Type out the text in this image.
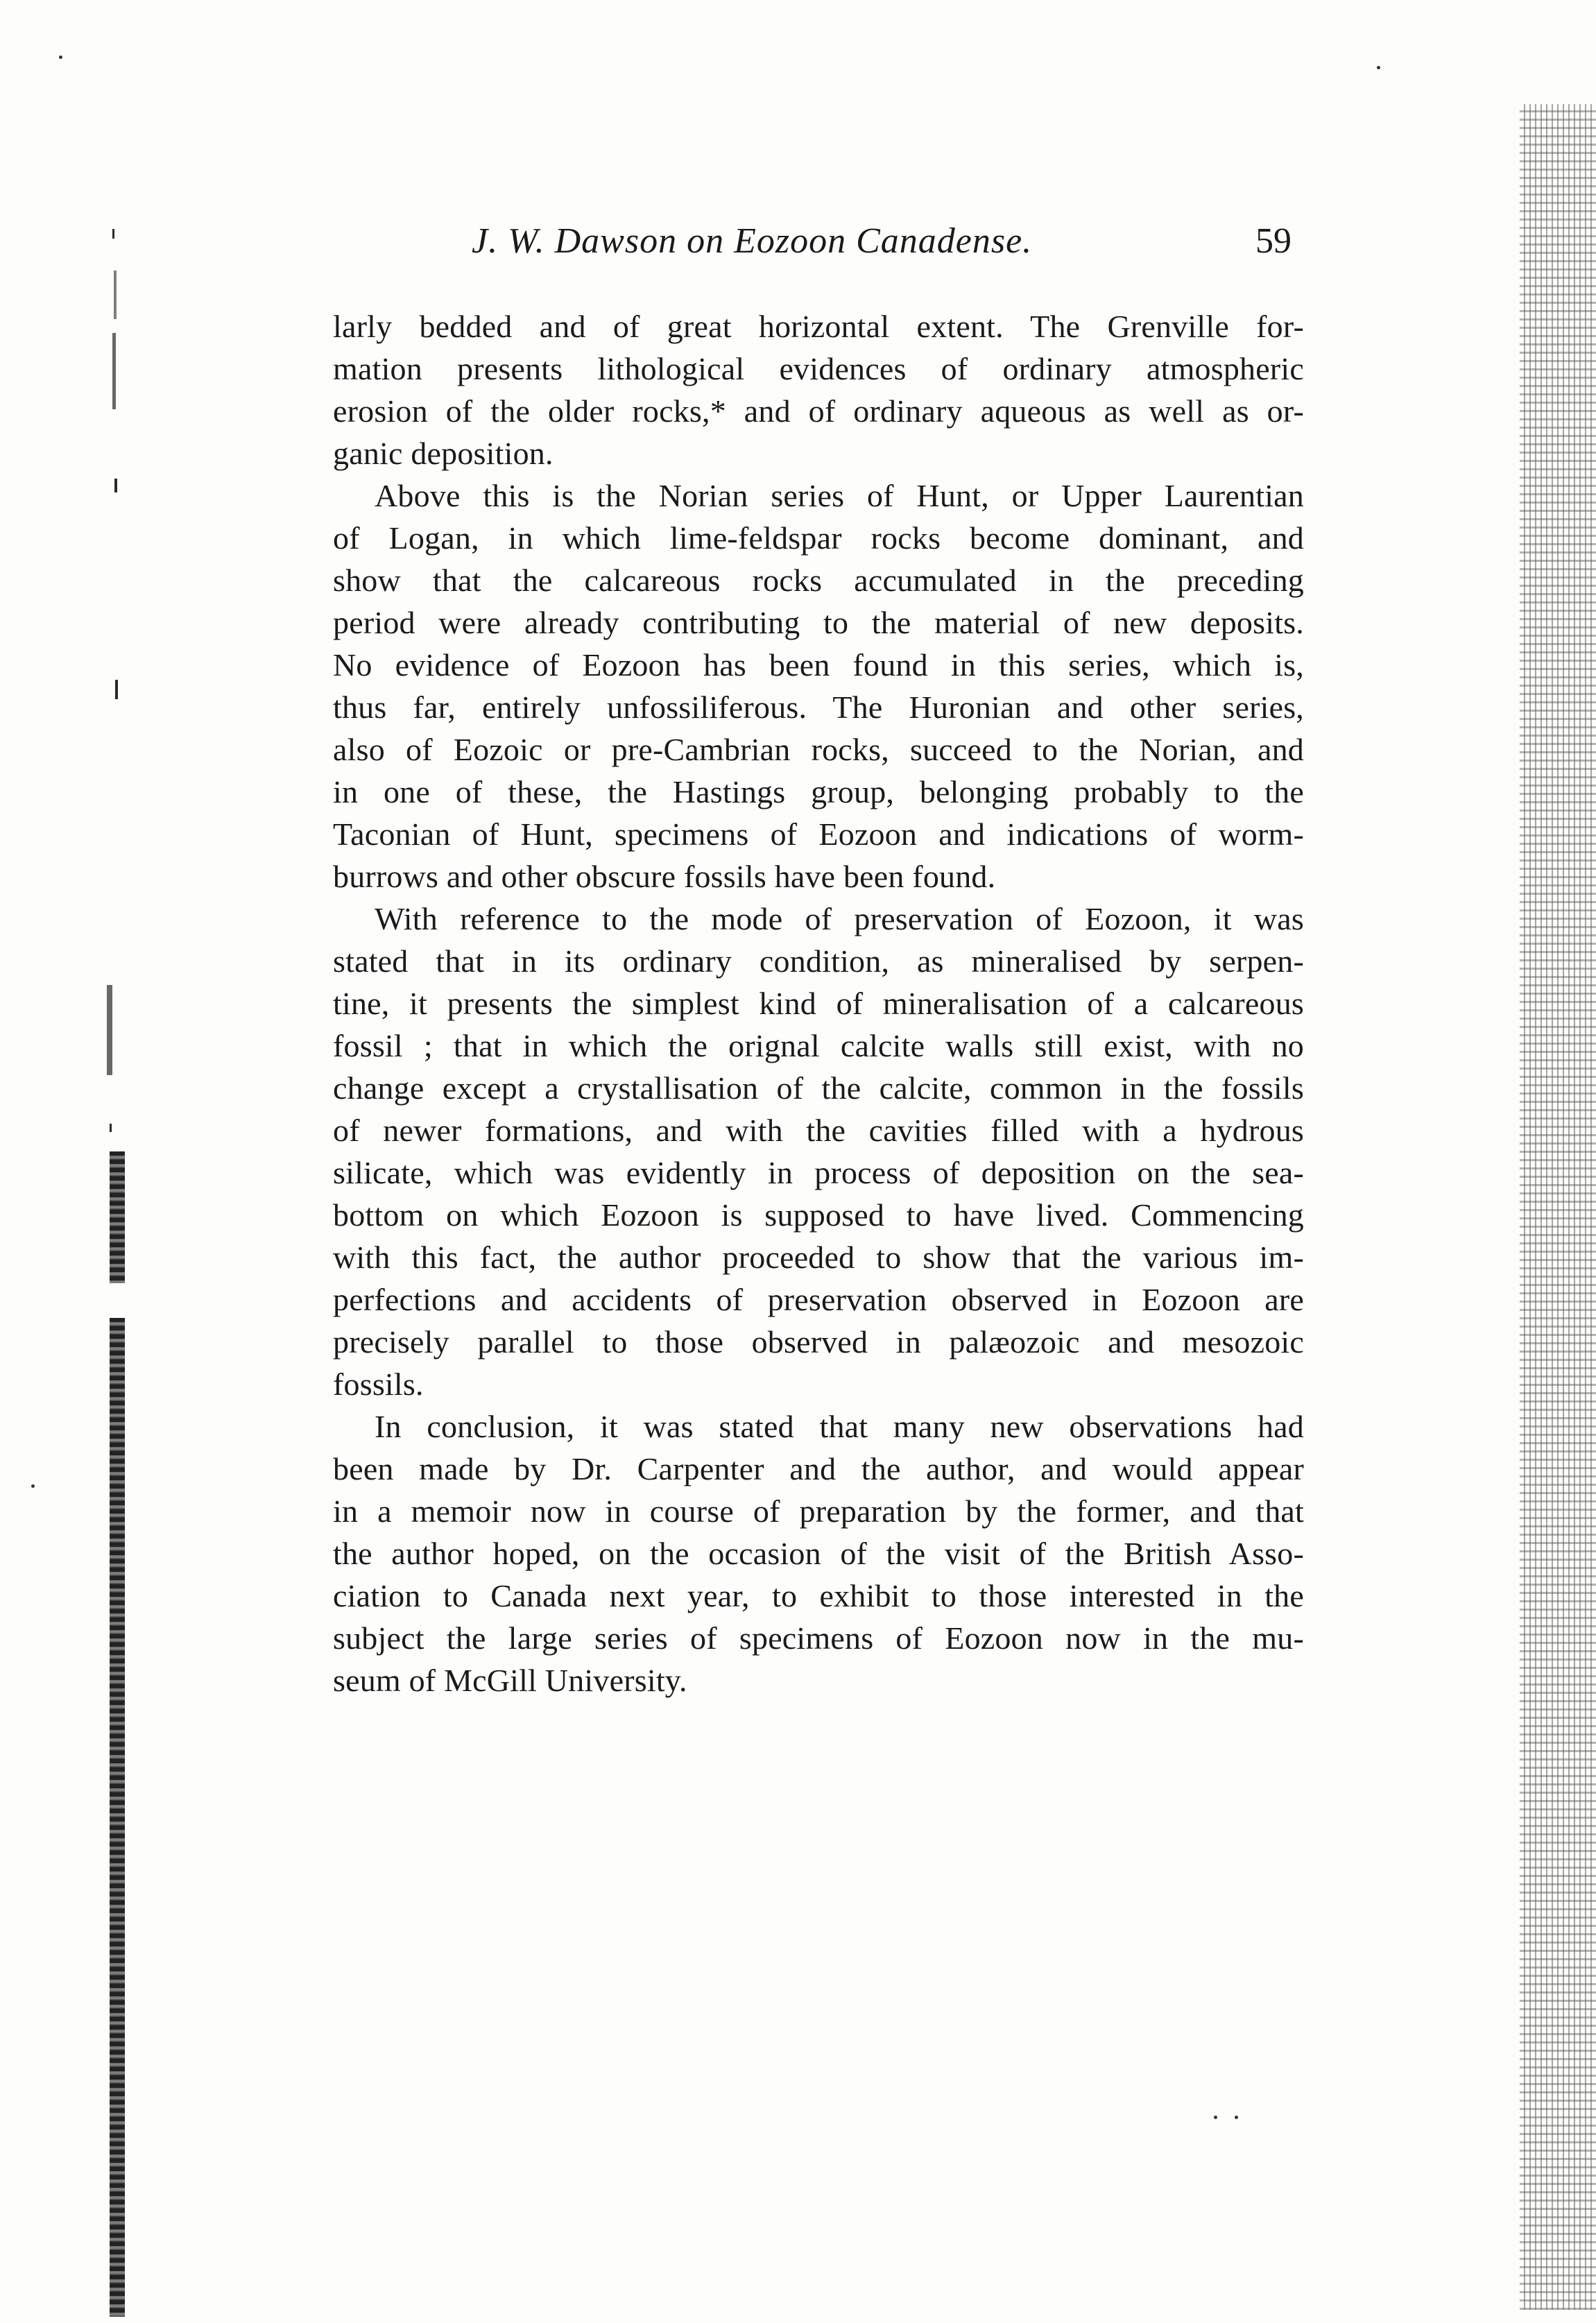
J. W. Dawson on Eozoon Canadense.	59
larly bedded and of great horizontal extent. The Grenville for-
mation presents lithological evidences of ordinary atmospheric
erosion of the older rocks,* and of ordinary aqueous as well as or-
ganic deposition.
Above this is the Norian series of Hunt, or Upper Laurentian
of Logan, in which lime-feldspar rocks become dominant, and
show that the calcareous rocks accumulated in the preceding
period were already contributing to the material of new deposits.
No evidence of Eozoon has been found in this series, which is,
thus far, entirely unfossiliferous. The Huronian and other series,
also of Eozoic or pre-Cambrian rocks, succeed to the Norian, and
in one of these, the Hastings group, belonging probably to the
Taconian of Hunt, specimens of Eozoon and indications of worm-
burrows and other obscure fossils have been found.
With reference to the mode of preservation of Eozoon, it was
stated that in its ordinary condition, as mineralised by serpen-
tine, it presents the simplest kind of mineralisation of a calcareous
fossil ; that in which the orignal calcite walls still exist, with no
change except a crystallisation of the calcite, common in the fossils
of newer formations, and with the cavities filled with a hydrous
silicate, which was evidently in process of deposition on the sea-
bottom on which Eozoon is supposed to have lived. Commencing
with this fact, the author proceeded to show that the various im-
perfections and accidents of preservation observed in Eozoon are
precisely parallel to those observed in palæozoic and mesozoic
fossils.
In conclusion, it was stated that many new observations had
been made by Dr. Carpenter and the author, and would appear
in a memoir now in course of preparation by the former, and that
the author hoped, on the occasion of the visit of the British Asso-
ciation to Canada next year, to exhibit to those interested in the
subject the large series of specimens of Eozoon now in the mu-
seum of McGill University.
